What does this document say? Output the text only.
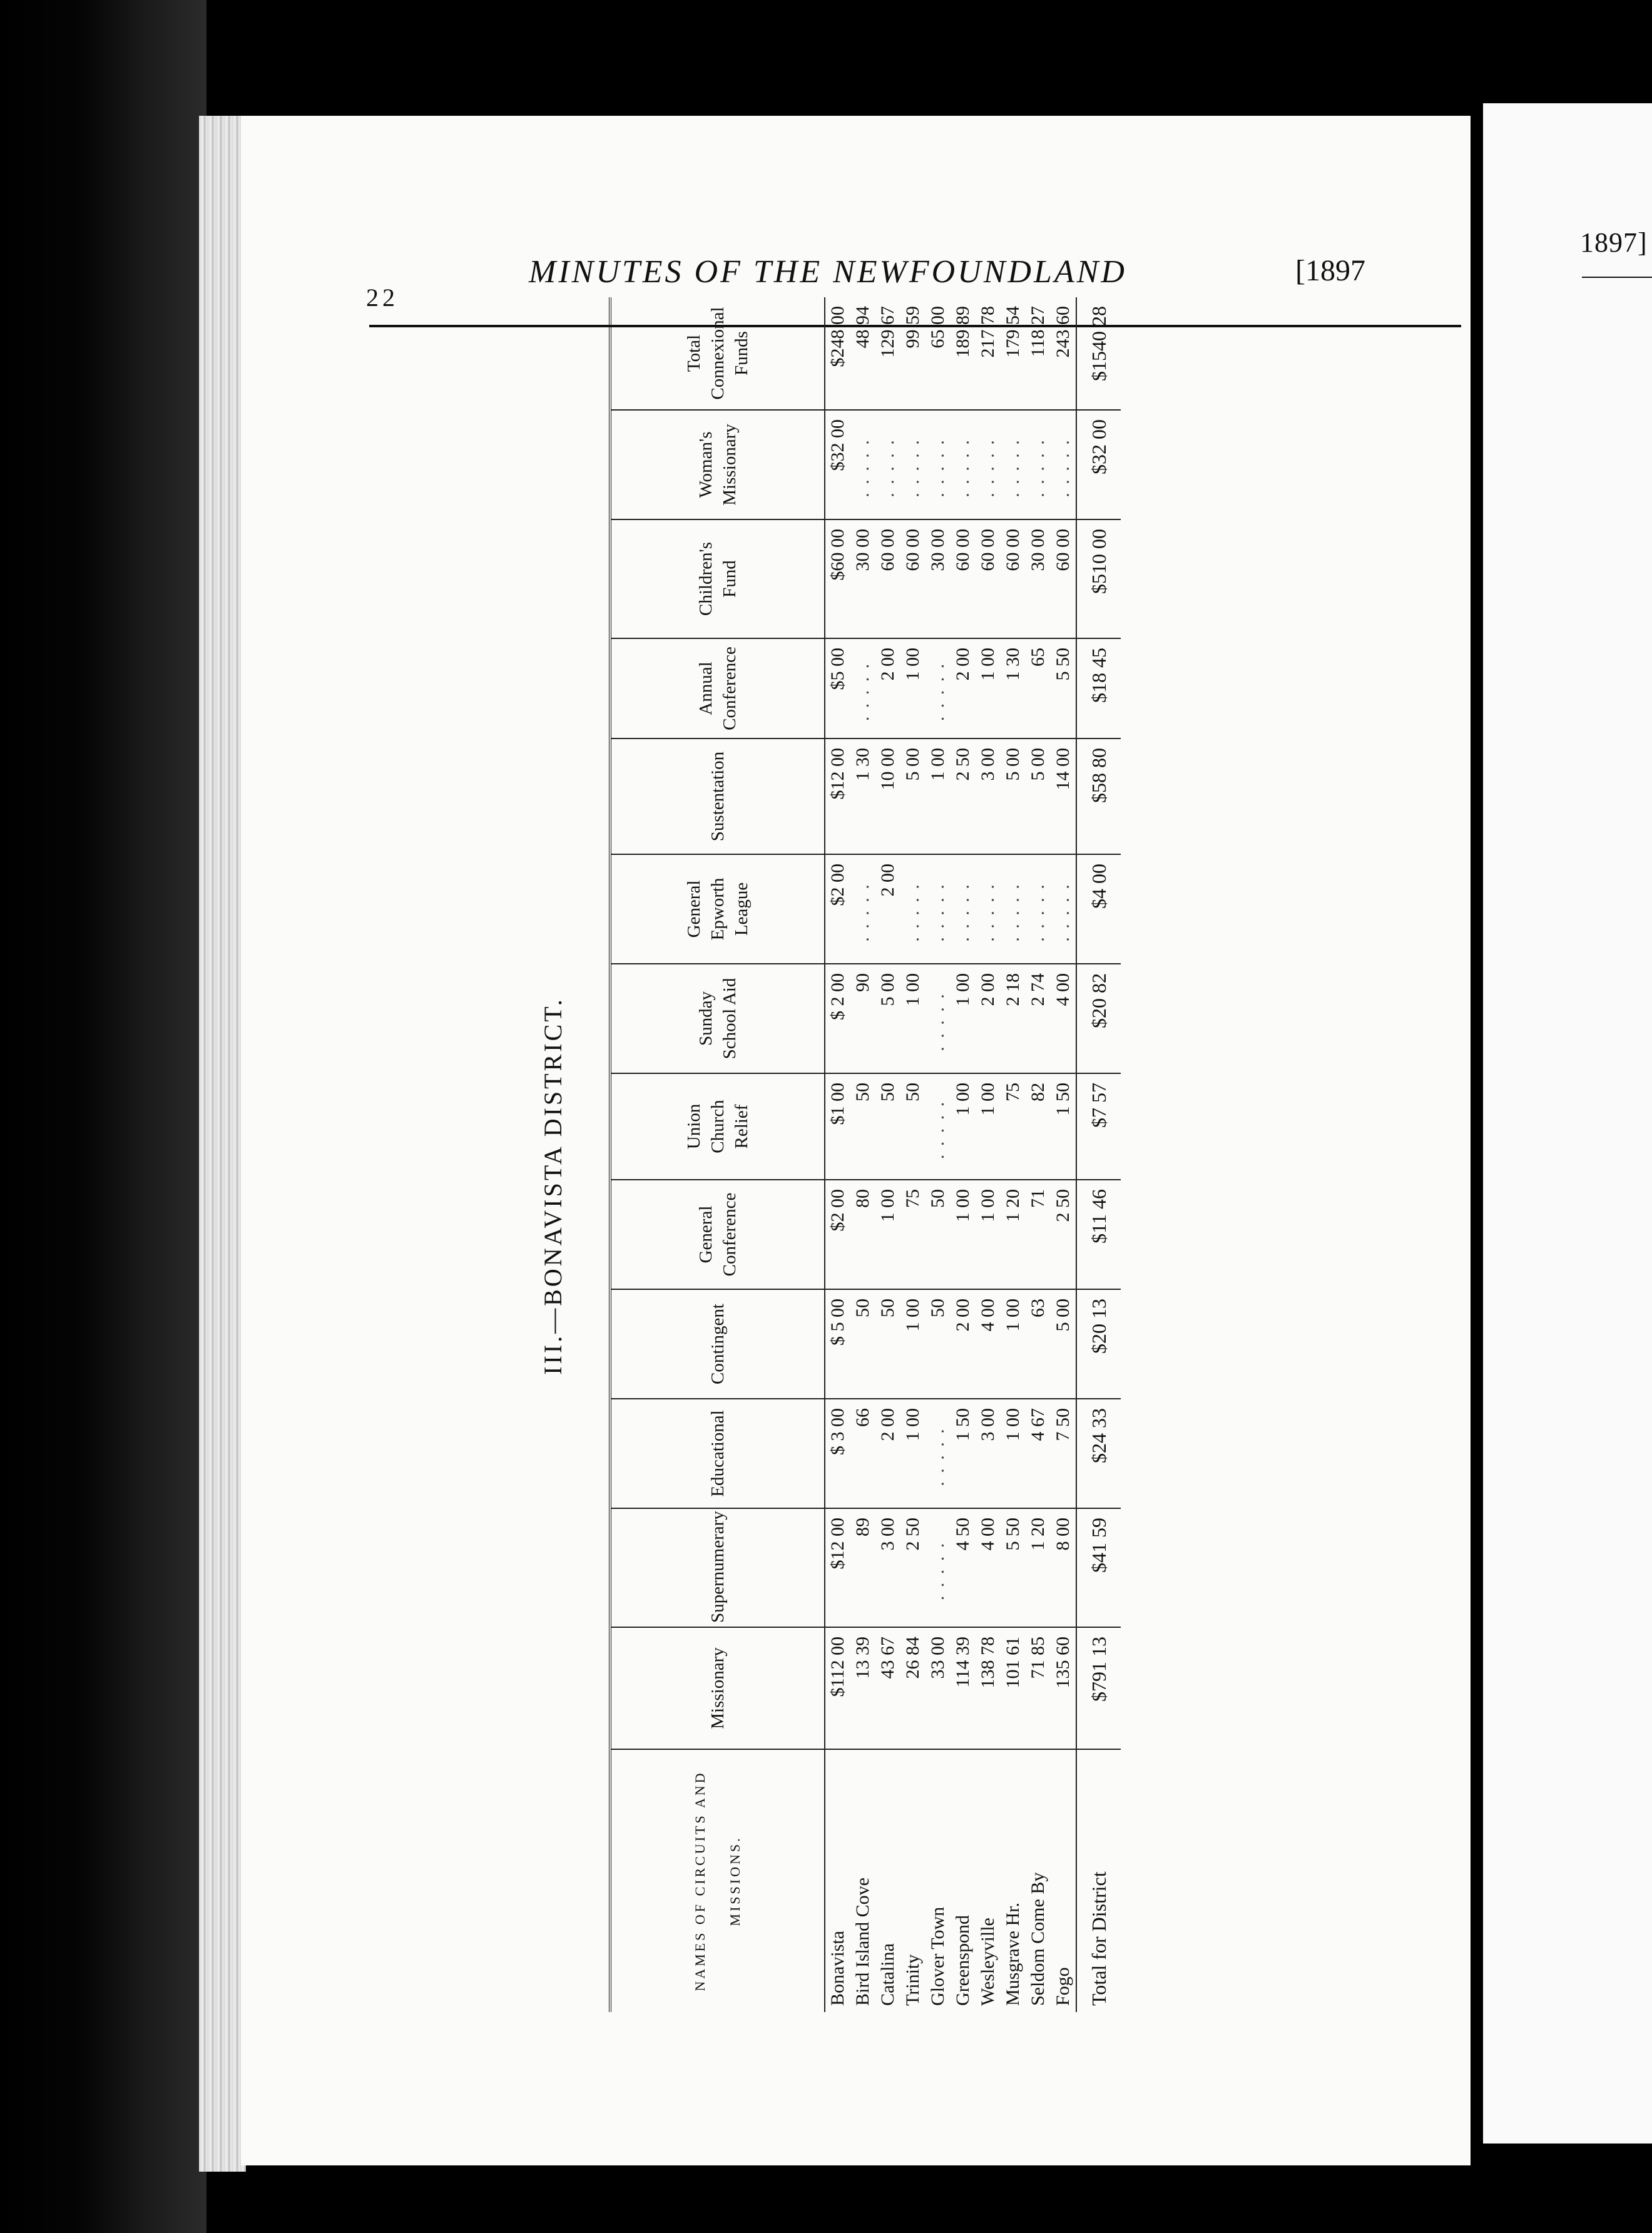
1897]
22
MINUTES OF THE NEWFOUNDLAND	[1897
III.—BONAVISTA DISTRICT.
NAMES OF CIRCUITS AND MISSIONS.	Missionary	Supernumerary	Educational	Contingent	General Conference	Union Church Relief	Sunday School Aid	General Epworth League	Sustentation	Annual Conference	Children's Fund	Woman's Missionary	Total Connexional Funds
Bonavista	$112 00	$12 00	$ 3 00	$ 5 00	$2 00	$1 00	$ 2 00	$2 00	$12 00	$5 00	$60 00	$32 00	$248 00
Bird Island Cove	13 39	89	66	50	80	50	90	. . . . .	1 30	. . . . .	30 00	. . . . .	48 94
Catalina	43 67	3 00	2 00	50	1 00	50	5 00	2 00	10 00	2 00	60 00	. . . . .	129 67
Trinity	26 84	2 50	1 00	1 00	75	50	1 00	. . . . .	5 00	1 00	60 00	. . . . .	99 59
Glover Town	33 00	. . . . .	. . . . .	50	50	. . . . .	. . . . .	. . . . .	1 00	. . . . .	30 00	. . . . .	65 00
Greenspond	114 39	4 50	1 50	2 00	1 00	1 00	1 00	. . . . .	2 50	2 00	60 00	. . . . .	189 89
Wesleyville	138 78	4 00	3 00	4 00	1 00	1 00	2 00	. . . . .	3 00	1 00	60 00	. . . . .	217 78
Musgrave Hr.	101 61	5 50	1 00	1 00	1 20	75	2 18	. . . . .	5 00	1 30	60 00	. . . . .	179 54
Seldom Come By	71 85	1 20	4 67	63	71	82	2 74	. . . . .	5 00	65	30 00	. . . . .	118 27
Fogo	135 60	8 00	7 50	5 00	2 50	1 50	4 00	. . . . .	14 00	5 50	60 00	. . . . .	243 60
Total for District	$791 13	$41 59	$24 33	$20 13	$11 46	$7 57	$20 82	$4 00	$58 80	$18 45	$510 00	$32 00	$1540 28
